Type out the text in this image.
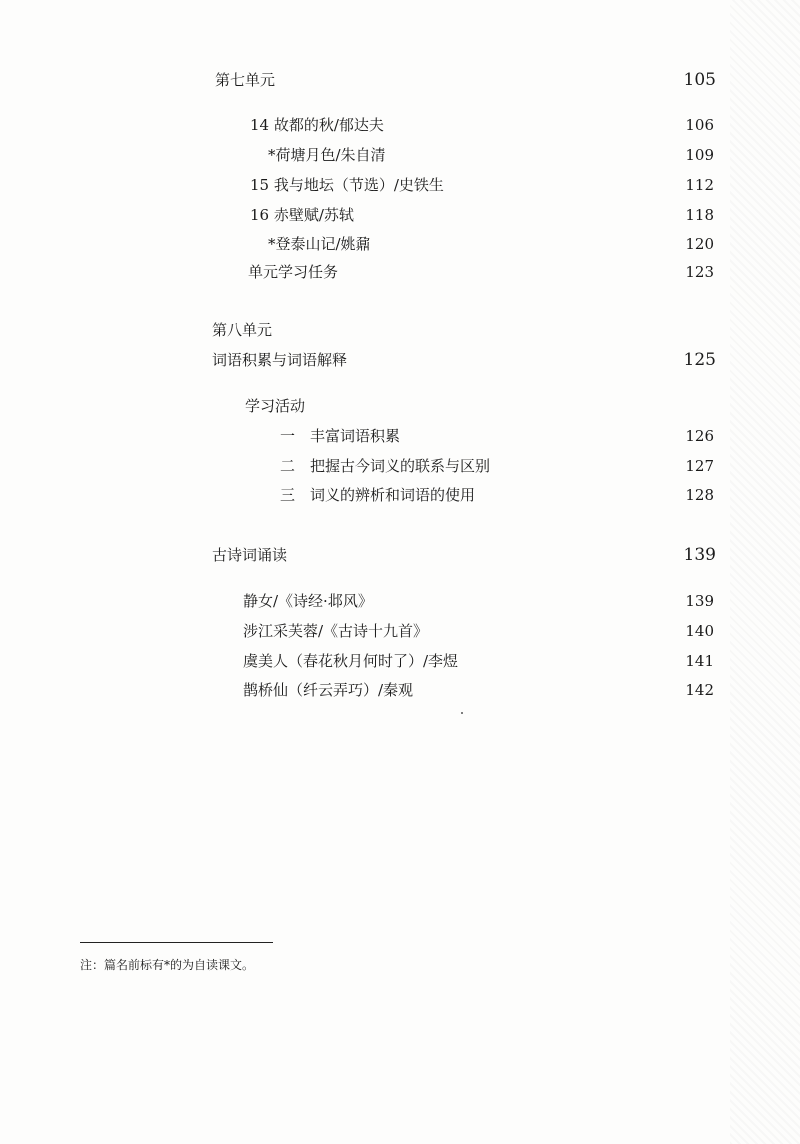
第七单元	105
14 故都的秋/郁达夫	106
*荷塘月色/朱自清	109
15 我与地坛（节选）/史铁生	112
16 赤壁赋/苏轼	118
*登泰山记/姚鼐	120
单元学习任务	123
第八单元
词语积累与词语解释	125
学习活动
一　丰富词语积累	126
二　把握古今词义的联系与区别	127
三　词义的辨析和词语的使用	128
古诗词诵读	139
静女/《诗经·邶风》	139
涉江采芙蓉/《古诗十九首》	140
虞美人（春花秋月何时了）/李煜	141
鹊桥仙（纤云弄巧）/秦观	142
注：篇名前标有*的为自读课文。
